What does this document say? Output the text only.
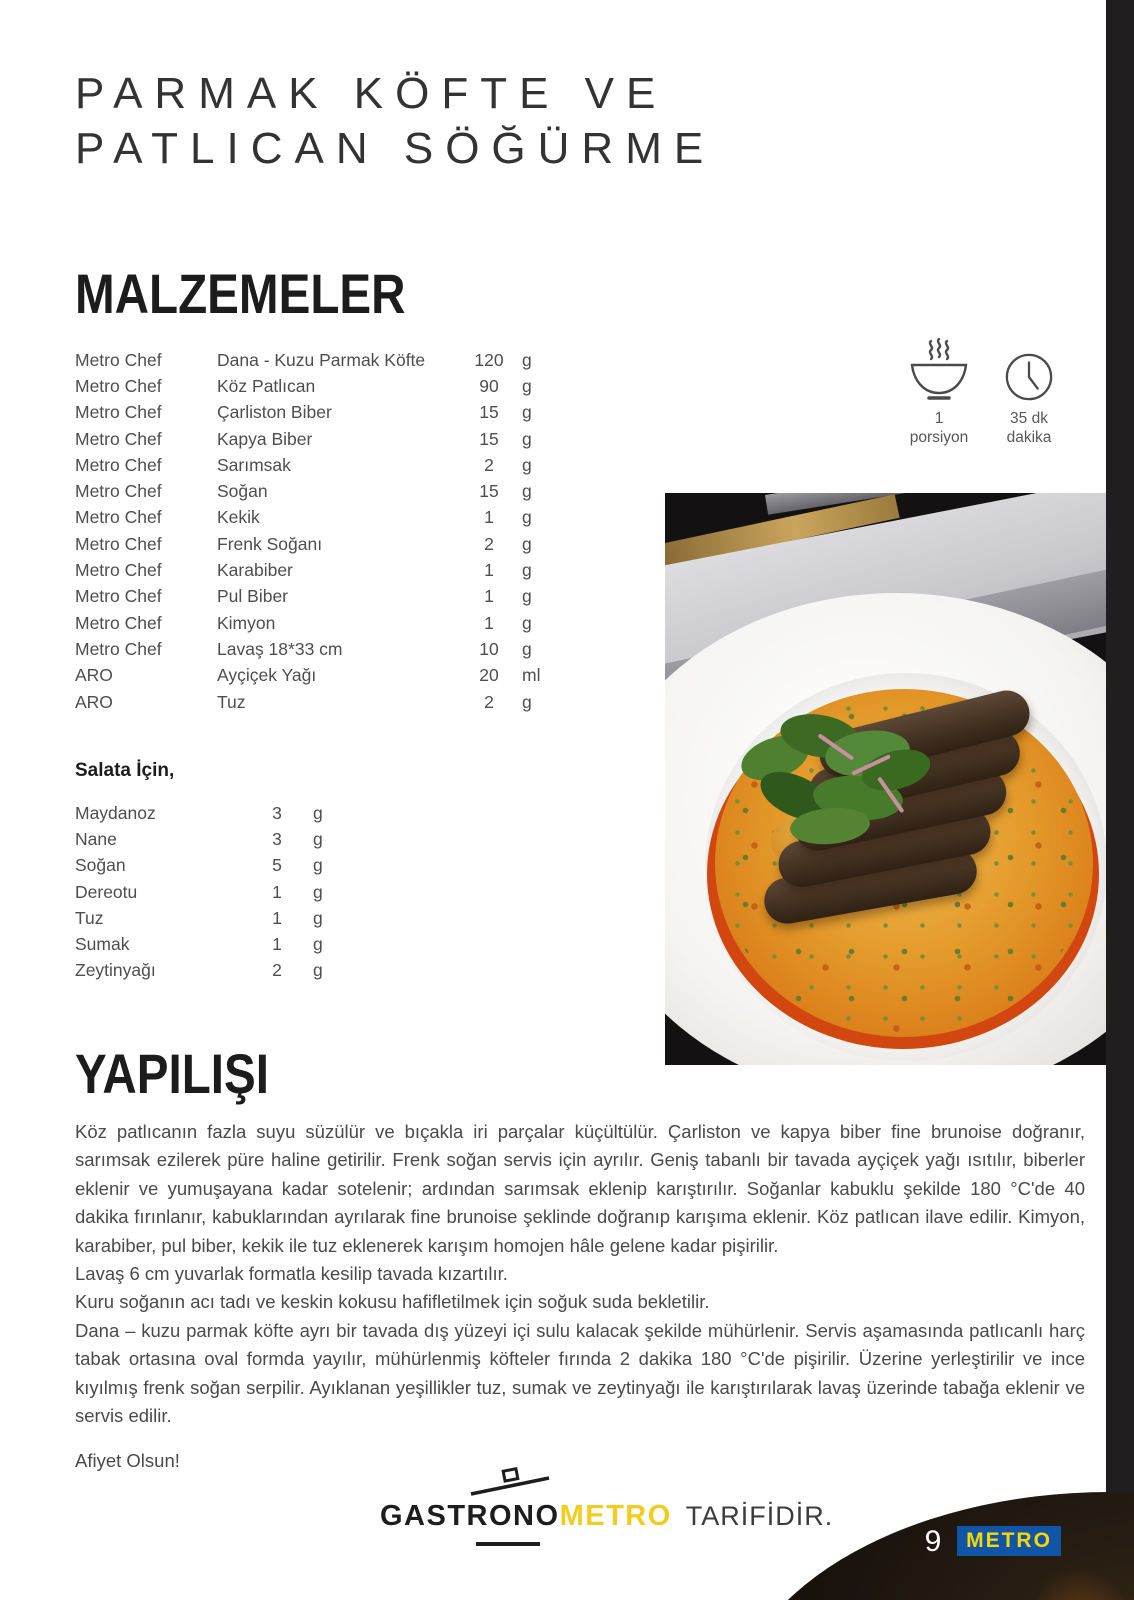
PARMAK KÖFTE VE
PATLICAN SÖĞÜRME
MALZEMELER
Metro Chef	Dana - Kuzu Parmak Köfte	120	g
Metro Chef	Köz Patlıcan	90	g
Metro Chef	Çarliston Biber	15	g
Metro Chef	Kapya Biber	15	g
Metro Chef	Sarımsak	2	g
Metro Chef	Soğan	15	g
Metro Chef	Kekik	1	g
Metro Chef	Frenk Soğanı	2	g
Metro Chef	Karabiber	1	g
Metro Chef	Pul Biber	1	g
Metro Chef	Kimyon	1	g
Metro Chef	Lavaş 18*33 cm	10	g
ARO	Ayçiçek Yağı	20	ml
ARO	Tuz	2	g
1
porsiyon
35 dk
dakika
Salata İçin,
Maydanoz	3	g
Nane	3	g
Soğan	5	g
Dereotu	1	g
Tuz	1	g
Sumak	1	g
Zeytinyağı	2	g
YAPILIŞI

Köz patlıcanın fazla suyu süzülür ve bıçakla iri parçalar küçültülür. Çarliston ve kapya biber fine brunoise doğranır, sarımsak ezilerek püre haline getirilir. Frenk soğan servis için ayrılır. Geniş tabanlı bir tavada ayçiçek yağı ısıtılır, biberler eklenir ve yumuşayana kadar sotelenir; ardından sarımsak eklenip karıştırılır. Soğanlar kabuklu şekilde 180 °C'de 40 dakika fırınlanır, kabuklarından ayrılarak fine brunoise şeklinde doğranıp karışıma eklenir. Köz patlıcan ilave edilir. Kimyon, karabiber, pul biber, kekik ile tuz eklenerek karışım homojen hâle gelene kadar pişirilir.

Lavaş 6 cm yuvarlak formatla kesilip tavada kızartılır.

Kuru soğanın acı tadı ve keskin kokusu hafifletilmek için soğuk suda bekletilir.

Dana – kuzu parmak köfte ayrı bir tavada dış yüzeyi içi sulu kalacak şekilde mühürlenir. Servis aşamasında patlıcanlı harç tabak ortasına oval formda yayılır, mühürlenmiş köfteler fırında 2 dakika 180 °C'de pişirilir. Üzerine yerleştirilir ve ince kıyılmış frenk soğan serpilir. Ayıklanan yeşillikler tuz, sumak ve zeytinyağı ile karıştırılarak lavaş üzerinde tabağa eklenir ve servis edilir.

Afiyet Olsun!

GASTRONO METRO TARİFİDİR.
9	METRO
